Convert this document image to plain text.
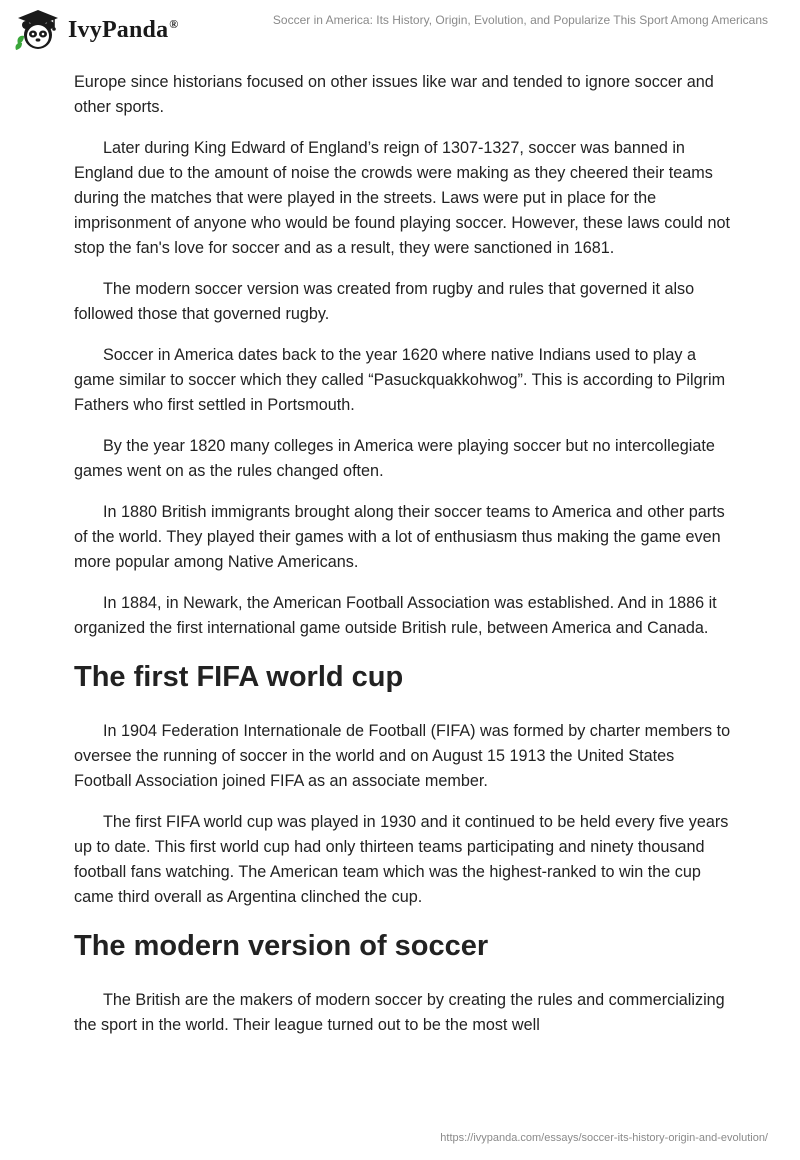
IvyPanda®	Soccer in America: Its History, Origin, Evolution, and Popularize This Sport Among Americans

Europe since historians focused on other issues like war and tended to ignore soccer and other sports.

Later during King Edward of England’s reign of 1307-1327, soccer was banned in England due to the amount of noise the crowds were making as they cheered their teams during the matches that were played in the streets. Laws were put in place for the imprisonment of anyone who would be found playing soccer. However, these laws could not stop the fan's love for soccer and as a result, they were sanctioned in 1681.

The modern soccer version was created from rugby and rules that governed it also followed those that governed rugby.

Soccer in America dates back to the year 1620 where native Indians used to play a game similar to soccer which they called “Pasuckquakkohwog”. This is according to Pilgrim Fathers who first settled in Portsmouth.

By the year 1820 many colleges in America were playing soccer but no intercollegiate games went on as the rules changed often.

In 1880 British immigrants brought along their soccer teams to America and other parts of the world. They played their games with a lot of enthusiasm thus making the game even more popular among Native Americans.

In 1884, in Newark, the American Football Association was established. And in 1886 it organized the first international game outside British rule, between America and Canada.

The first FIFA world cup

In 1904 Federation Internationale de Football (FIFA) was formed by charter members to oversee the running of soccer in the world and on August 15 1913 the United States Football Association joined FIFA as an associate member.

The first FIFA world cup was played in 1930 and it continued to be held every five years up to date. This first world cup had only thirteen teams participating and ninety thousand football fans watching. The American team which was the highest-ranked to win the cup came third overall as Argentina clinched the cup.

The modern version of soccer

The British are the makers of modern soccer by creating the rules and commercializing the sport in the world. Their league turned out to be the most well

https://ivypanda.com/essays/soccer-its-history-origin-and-evolution/
